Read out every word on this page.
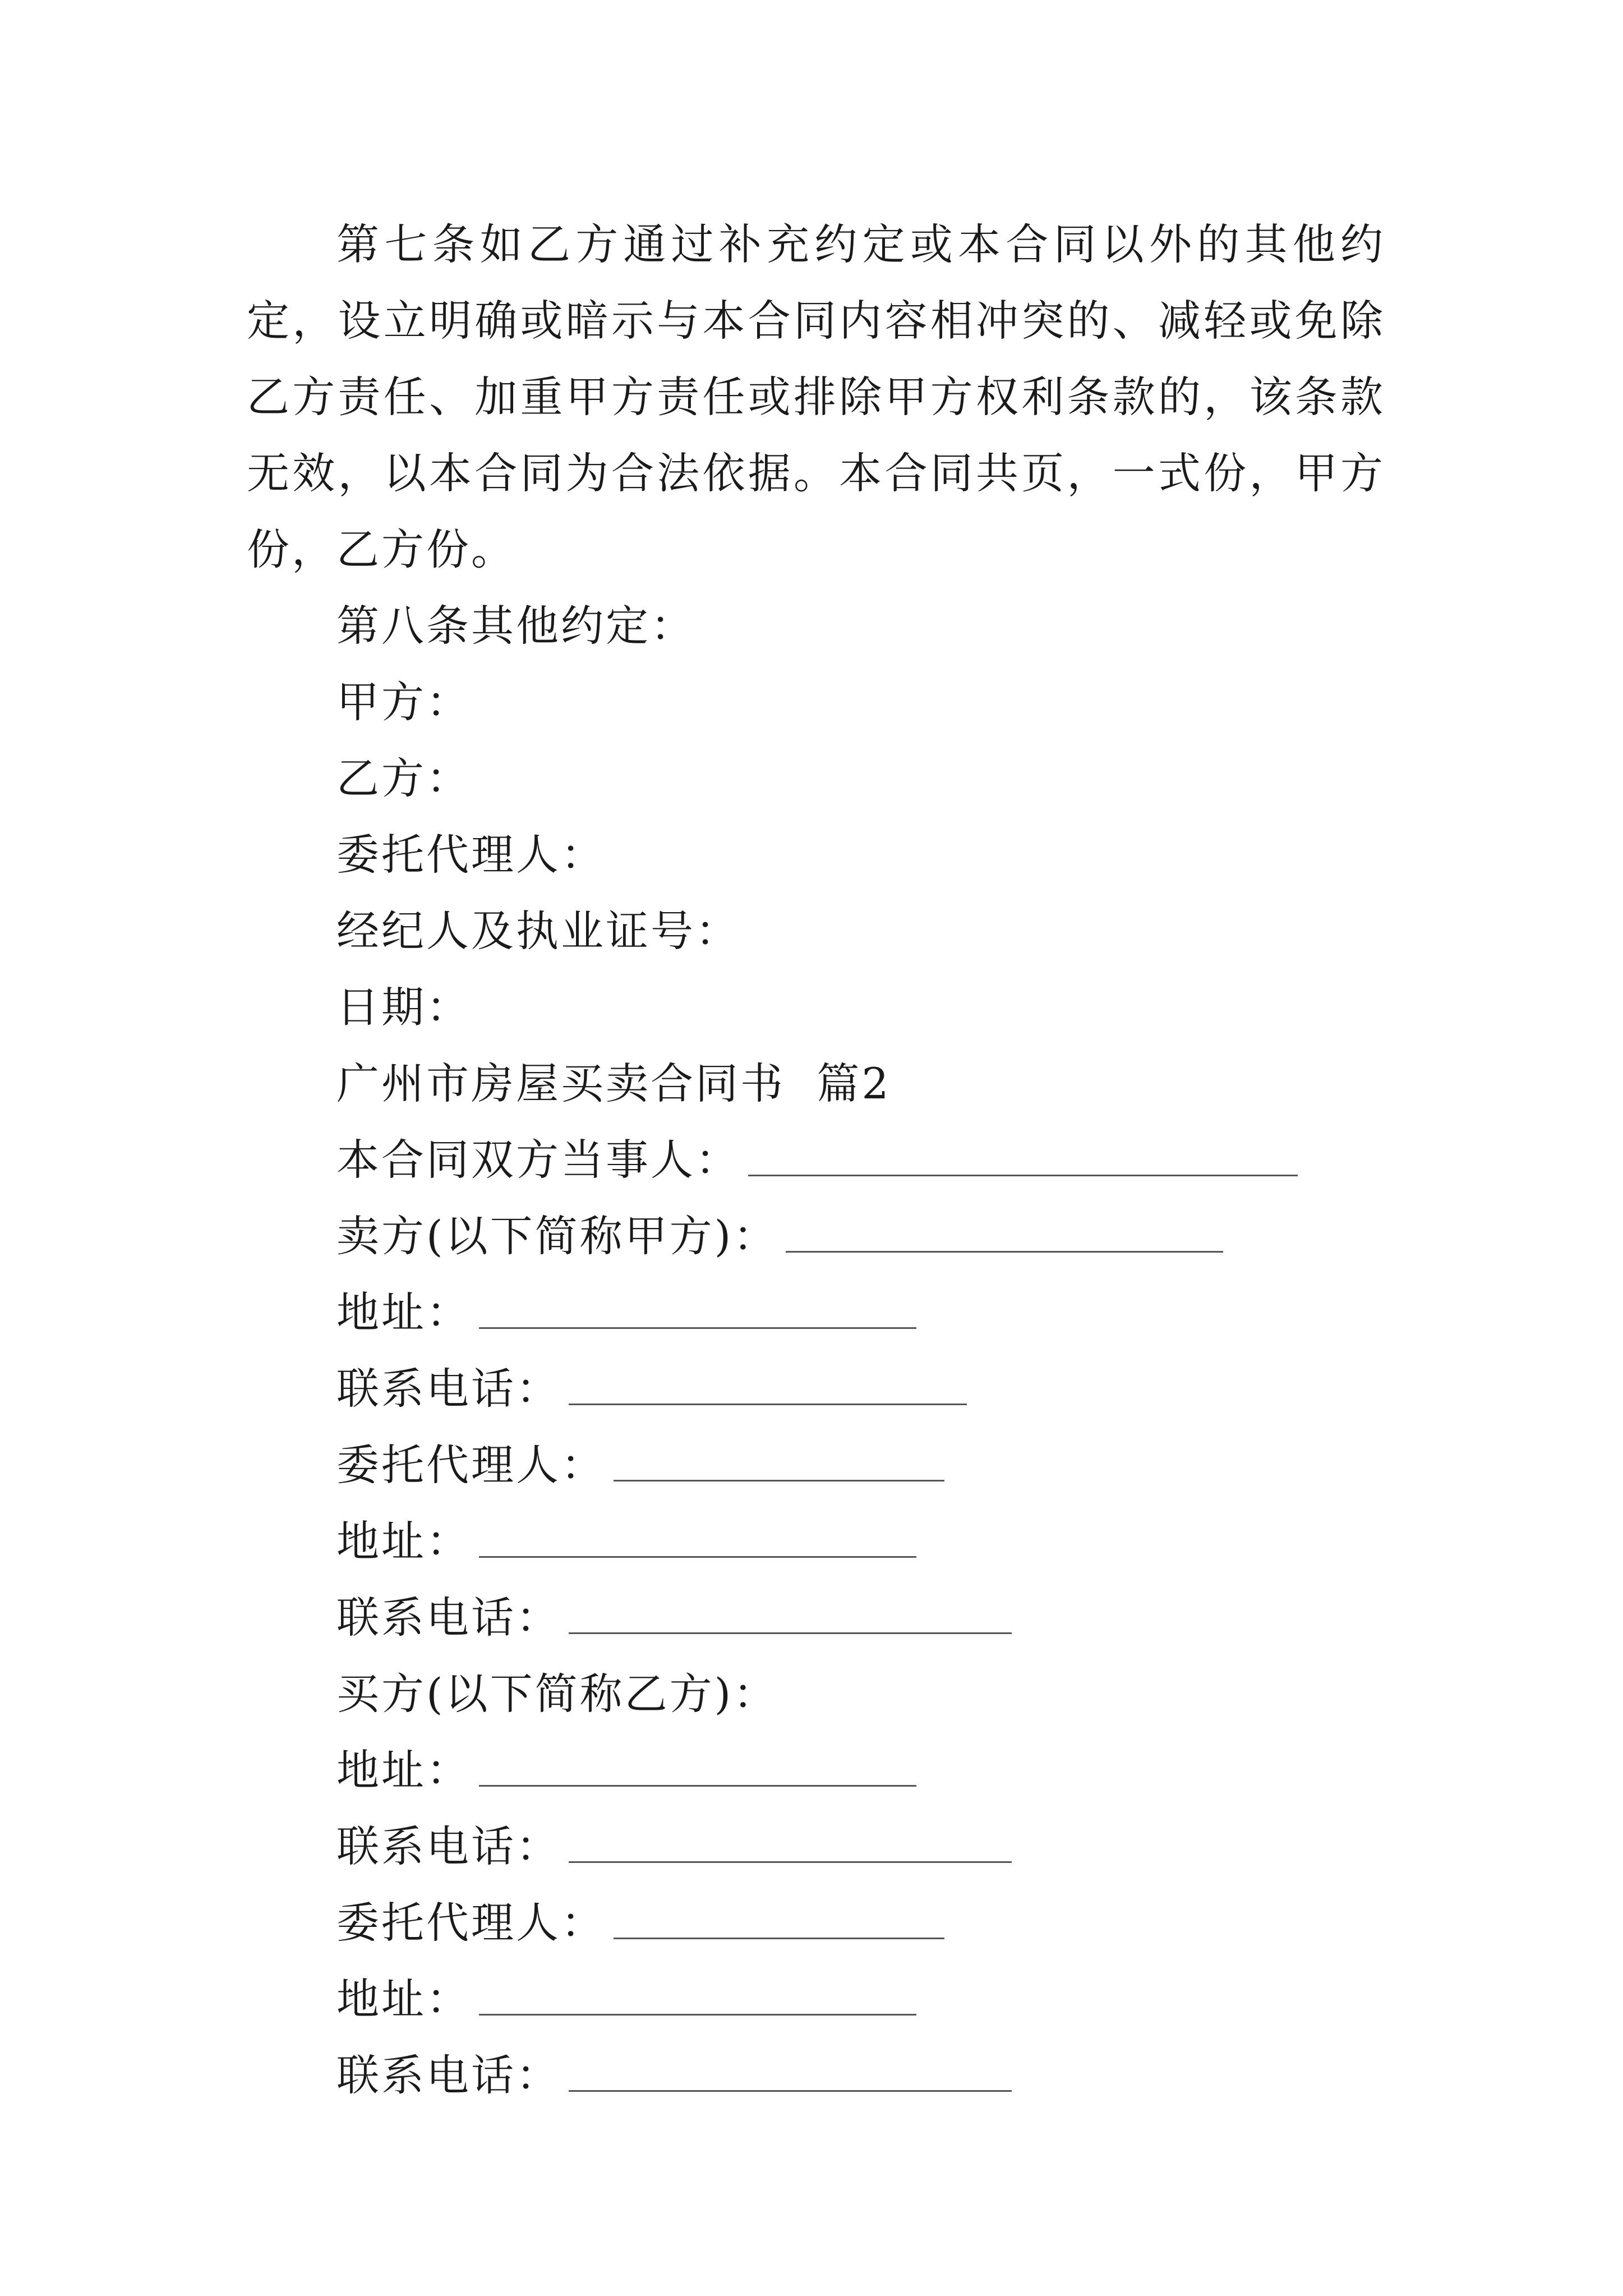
第七条如乙方通过补充约定或本合同以外的其他约定，设立明确或暗示与本合同内容相冲突的、减轻或免除乙方责任、加重甲方责任或排除甲方权利条款的，该条款无效，以本合同为合法依据。本合同共页，一式份，甲方份，乙方份。

第八条其他约定：
甲方：
乙方：
委托代理人：
经纪人及执业证号：
日期：
广州市房屋买卖合同书  篇2
本合同双方当事人：
卖方(以下简称甲方)：
地址：
联系电话：
委托代理人：
地址：
联系电话：
买方(以下简称乙方)：
地址：
联系电话：
委托代理人：
地址：
联系电话：
